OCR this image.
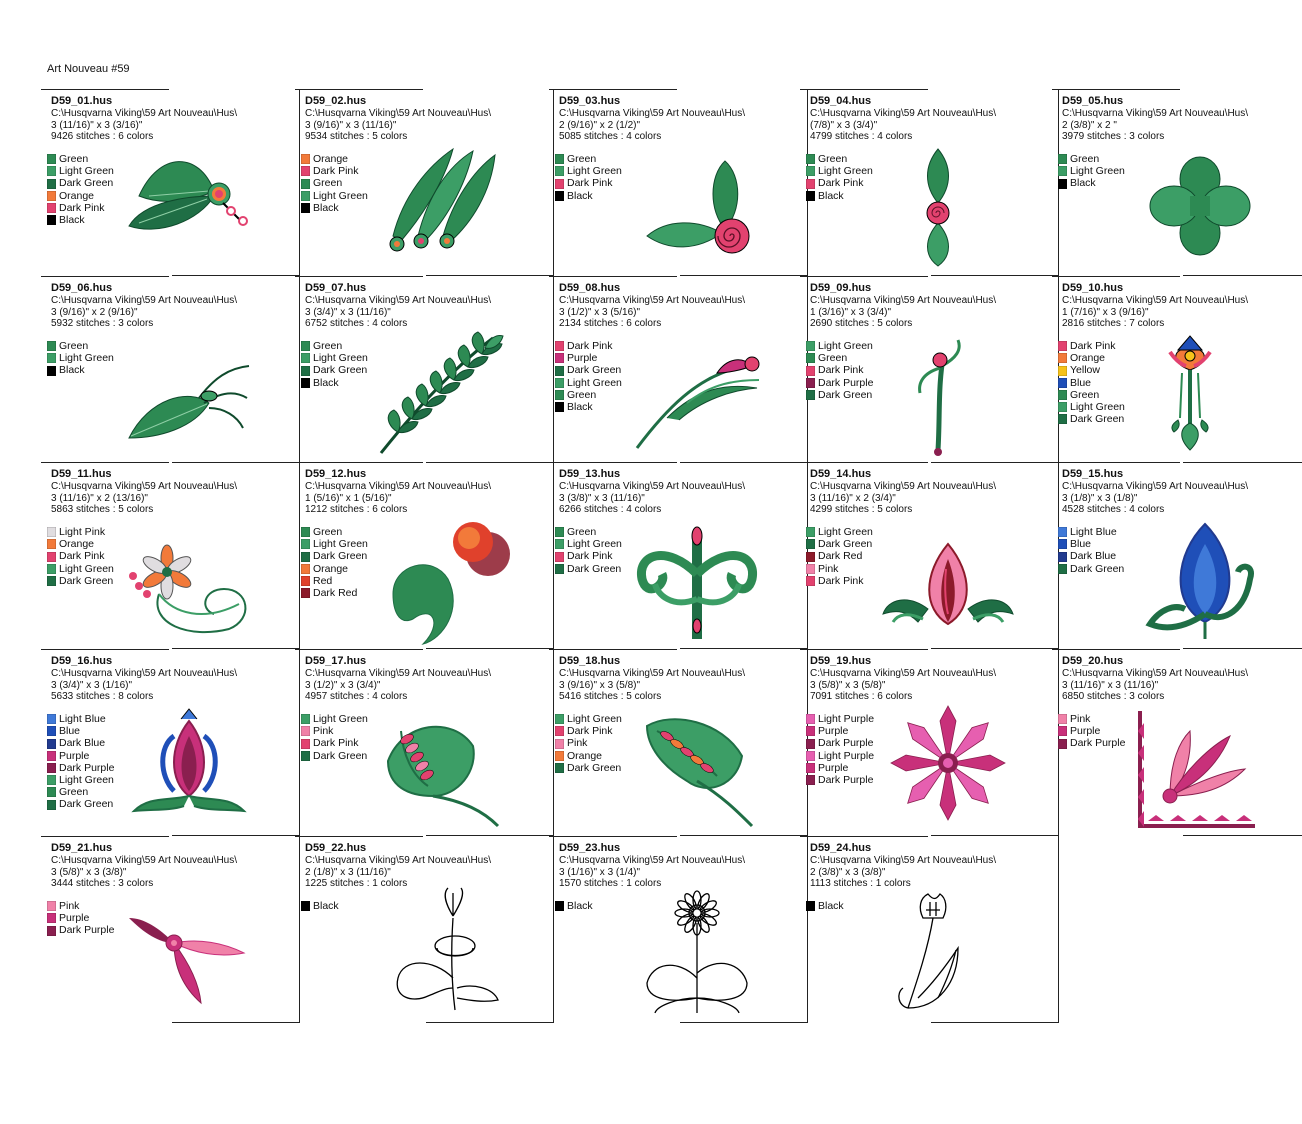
Art Nouveau #59
D59_01.hus
C:\Husqvarna Viking\59 Art Nouveau\Hus\
3 (11/16)" x 3 (3/16)"
9426 stitches : 6 colors
Green
Light Green
Dark Green
Orange
Dark Pink
Black
D59_02.hus
C:\Husqvarna Viking\59 Art Nouveau\Hus\
3 (9/16)" x 3 (11/16)"
9534 stitches : 5 colors
Orange
Dark Pink
Green
Light Green
Black
D59_03.hus
C:\Husqvarna Viking\59 Art Nouveau\Hus\
2 (9/16)" x 2 (1/2)"
5085 stitches : 4 colors
Green
Light Green
Dark Pink
Black
D59_04.hus
C:\Husqvarna Viking\59 Art Nouveau\Hus\
(7/8)" x 3 (3/4)"
4799 stitches : 4 colors
Green
Light Green
Dark Pink
Black
D59_05.hus
C:\Husqvarna Viking\59 Art Nouveau\Hus\
2 (3/8)" x 2 "
3979 stitches : 3 colors
Green
Light Green
Black
D59_06.hus
C:\Husqvarna Viking\59 Art Nouveau\Hus\
3 (9/16)" x 2 (9/16)"
5932 stitches : 3 colors
Green
Light Green
Black
D59_07.hus
C:\Husqvarna Viking\59 Art Nouveau\Hus\
3 (3/4)" x 3 (11/16)"
6752 stitches : 4 colors
Green
Light Green
Dark Green
Black
D59_08.hus
C:\Husqvarna Viking\59 Art Nouveau\Hus\
3 (1/2)" x 3 (5/16)"
2134 stitches : 6 colors
Dark Pink
Purple
Dark Green
Light Green
Green
Black
D59_09.hus
C:\Husqvarna Viking\59 Art Nouveau\Hus\
1 (3/16)" x 3 (3/4)"
2690 stitches : 5 colors
Light Green
Green
Dark Pink
Dark Purple
Dark Green
D59_10.hus
C:\Husqvarna Viking\59 Art Nouveau\Hus\
1 (7/16)" x 3 (9/16)"
2816 stitches : 7 colors
Dark Pink
Orange
Yellow
Blue
Green
Light Green
Dark Green
D59_11.hus
C:\Husqvarna Viking\59 Art Nouveau\Hus\
3 (11/16)" x 2 (13/16)"
5863 stitches : 5 colors
Light Pink
Orange
Dark Pink
Light Green
Dark Green
D59_12.hus
C:\Husqvarna Viking\59 Art Nouveau\Hus\
1 (5/16)" x 1 (5/16)"
1212 stitches : 6 colors
Green
Light Green
Dark Green
Orange
Red
Dark Red
D59_13.hus
C:\Husqvarna Viking\59 Art Nouveau\Hus\
3 (3/8)" x 3 (11/16)"
6266 stitches : 4 colors
Green
Light Green
Dark Pink
Dark Green
D59_14.hus
C:\Husqvarna Viking\59 Art Nouveau\Hus\
3 (11/16)" x 2 (3/4)"
4299 stitches : 5 colors
Light Green
Dark Green
Dark Red
Pink
Dark Pink
D59_15.hus
C:\Husqvarna Viking\59 Art Nouveau\Hus\
3 (1/8)" x 3 (1/8)"
4528 stitches : 4 colors
Light Blue
Blue
Dark Blue
Dark Green
D59_16.hus
C:\Husqvarna Viking\59 Art Nouveau\Hus\
3 (3/4)" x 3 (1/16)"
5633 stitches : 8 colors
Light Blue
Blue
Dark Blue
Purple
Dark Purple
Light Green
Green
Dark Green
D59_17.hus
C:\Husqvarna Viking\59 Art Nouveau\Hus\
3 (1/2)" x 3 (3/4)"
4957 stitches : 4 colors
Light Green
Pink
Dark Pink
Dark Green
D59_18.hus
C:\Husqvarna Viking\59 Art Nouveau\Hus\
3 (9/16)" x 3 (5/8)"
5416 stitches : 5 colors
Light Green
Dark Pink
Pink
Orange
Dark Green
D59_19.hus
C:\Husqvarna Viking\59 Art Nouveau\Hus\
3 (5/8)" x 3 (5/8)"
7091 stitches : 6 colors
Light Purple
Purple
Dark Purple
Light Purple
Purple
Dark Purple
D59_20.hus
C:\Husqvarna Viking\59 Art Nouveau\Hus\
3 (11/16)" x 3 (11/16)"
6850 stitches : 3 colors
Pink
Purple
Dark Purple
D59_21.hus
C:\Husqvarna Viking\59 Art Nouveau\Hus\
3 (5/8)" x 3 (3/8)"
3444 stitches : 3 colors
Pink
Purple
Dark Purple
D59_22.hus
C:\Husqvarna Viking\59 Art Nouveau\Hus\
2 (1/8)" x 3 (11/16)"
1225 stitches : 1 colors
Black
D59_23.hus
C:\Husqvarna Viking\59 Art Nouveau\Hus\
3 (1/16)" x 3 (1/4)"
1570 stitches : 1 colors
Black
D59_24.hus
C:\Husqvarna Viking\59 Art Nouveau\Hus\
2 (3/8)" x 3 (3/8)"
1113 stitches : 1 colors
Black
